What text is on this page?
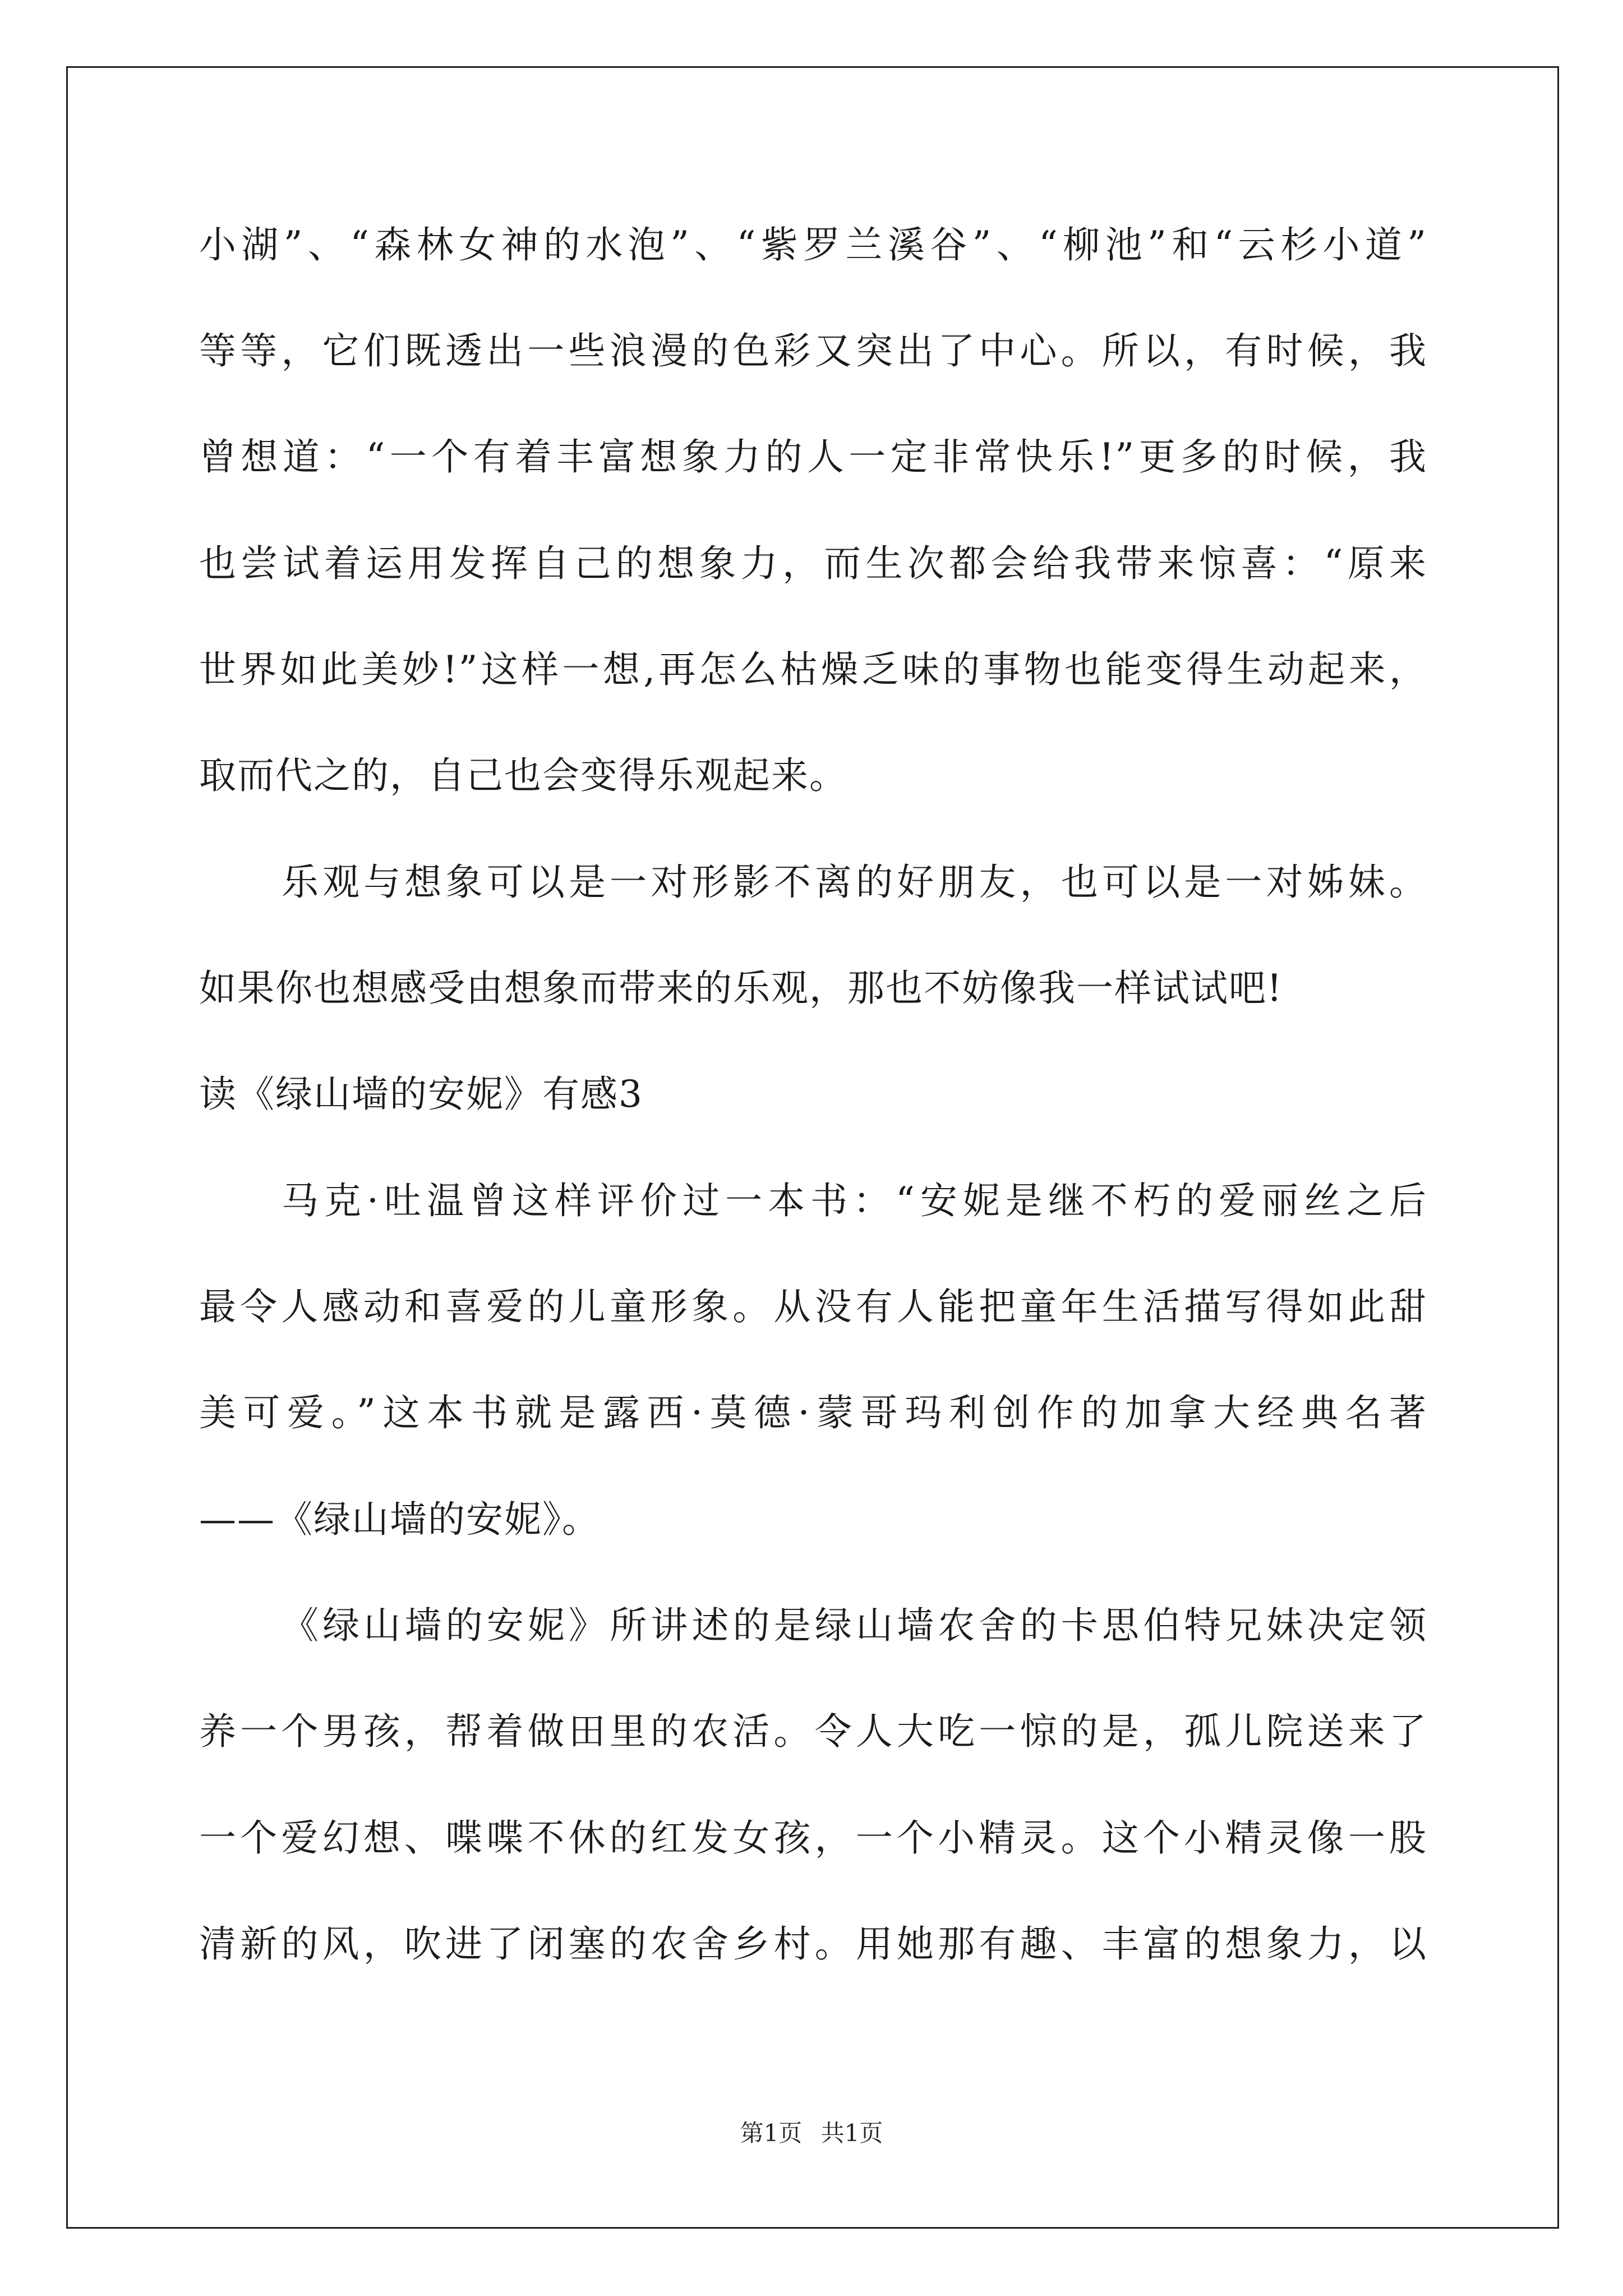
小湖”、“森林女神的水泡”、“紫罗兰溪谷”、“柳池”和“云杉小道”
等等，它们既透出一些浪漫的色彩又突出了中心。所以，有时候，我
曾想道：“一个有着丰富想象力的人一定非常快乐!”更多的时候，我
也尝试着运用发挥自己的想象力，而生次都会给我带来惊喜：“原来
世界如此美妙!”这样一想,再怎么枯燥乏味的事物也能变得生动起来，
取而代之的，自己也会变得乐观起来。
乐观与想象可以是一对形影不离的好朋友，也可以是一对姊妹。
如果你也想感受由想象而带来的乐观，那也不妨像我一样试试吧!
读《绿山墙的安妮》有感3
马克·吐温曾这样评价过一本书：“安妮是继不朽的爱丽丝之后
最令人感动和喜爱的儿童形象。从没有人能把童年生活描写得如此甜
美可爱。”这本书就是露西·莫德·蒙哥玛利创作的加拿大经典名著
——《绿山墙的安妮》。
《绿山墙的安妮》所讲述的是绿山墙农舍的卡思伯特兄妹决定领
养一个男孩，帮着做田里的农活。令人大吃一惊的是，孤儿院送来了
一个爱幻想、喋喋不休的红发女孩，一个小精灵。这个小精灵像一股
清新的风，吹进了闭塞的农舍乡村。用她那有趣、丰富的想象力，以
第1页 共1页
